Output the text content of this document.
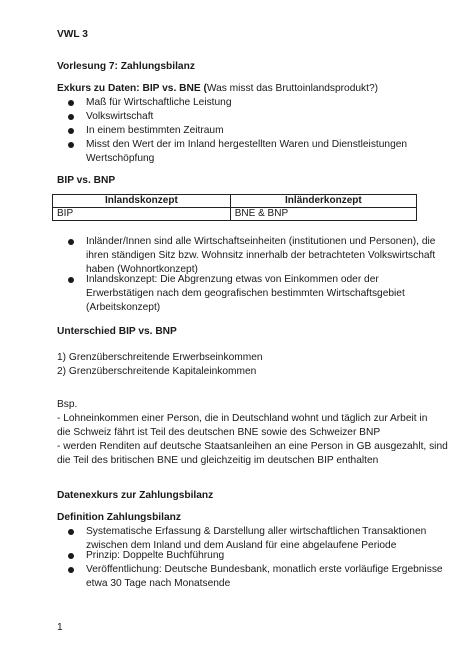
VWL 3
Vorlesung 7: Zahlungsbilanz
Exkurs zu Daten: BIP vs. BNE (Was misst das Bruttoinlandsprodukt?)
Maß für Wirtschaftliche Leistung
Volkswirtschaft
In einem bestimmten Zeitraum
Misst den Wert der im Inland hergestellten Waren und Dienstleistungen
Wertschöpfung
BIP vs. BNP
Inlandskonzept	Inländerkonzept
BIP	BNE & BNP
Inländer/Innen sind alle Wirtschaftseinheiten (institutionen und Personen), die
ihren ständigen Sitz bzw. Wohnsitz innerhalb der betrachteten Volkswirtschaft
haben (Wohnortkonzept)
Inlandskonzept: Die Abgrenzung etwas von Einkommen oder der
Erwerbstätigen nach dem geografischen bestimmten Wirtschaftsgebiet
(Arbeitskonzept)
Unterschied BIP vs. BNP
1) Grenzüberschreitende Erwerbseinkommen
2) Grenzüberschreitende Kapitaleinkommen
Bsp.
- Lohneinkommen einer Person, die in Deutschland wohnt und täglich zur Arbeit in
die Schweiz fährt ist Teil des deutschen BNE sowie des Schweizer BNP
- werden Renditen auf deutsche Staatsanleihen an eine Person in GB ausgezahlt, sind
die Teil des britischen BNE und gleichzeitig im deutschen BIP enthalten
Datenexkurs zur Zahlungsbilanz
Definition Zahlungsbilanz
Systematische Erfassung & Darstellung aller wirtschaftlichen Transaktionen
zwischen dem Inland und dem Ausland für eine abgelaufene Periode
Prinzip: Doppelte Buchführung
Veröffentlichung: Deutsche Bundesbank, monatlich erste vorläufige Ergebnisse
etwa 30 Tage nach Monatsende
1
